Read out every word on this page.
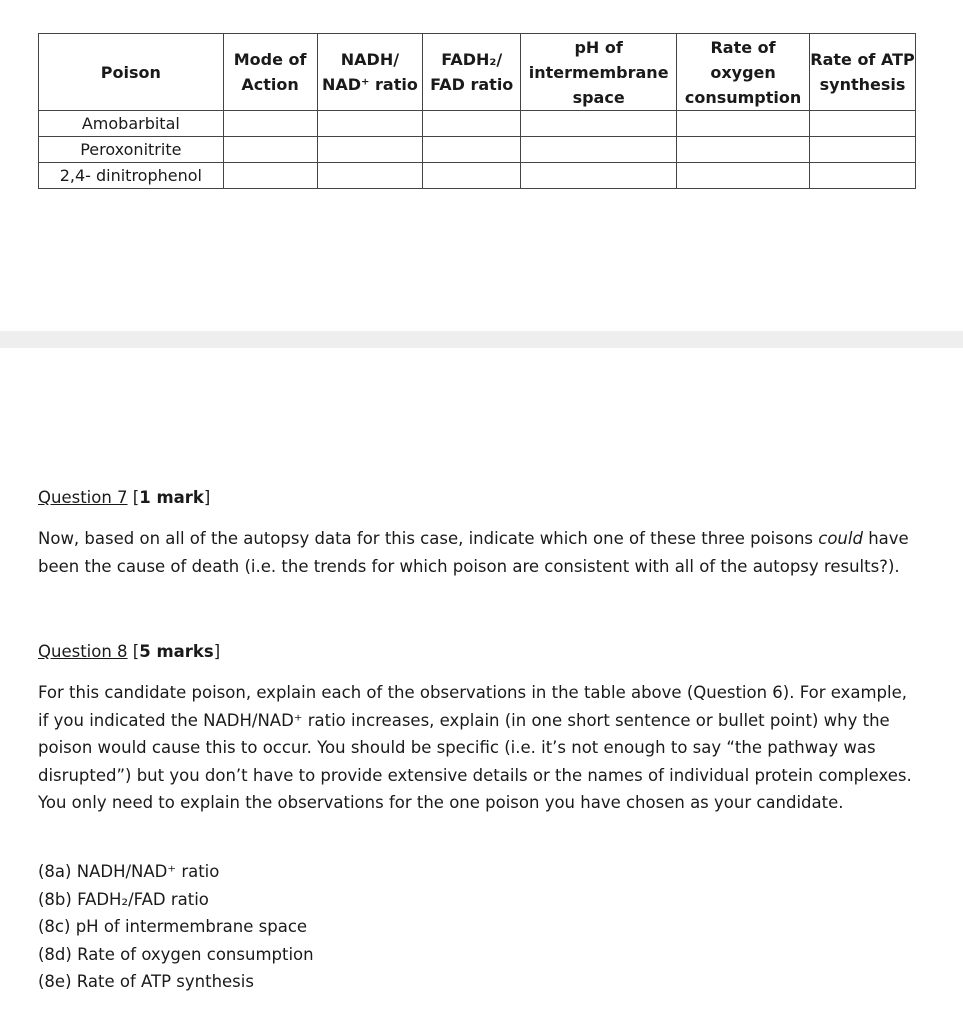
Poison	Mode of Action	NADH/ NAD⁺ ratio	FADH₂/ FAD ratio	pH of intermembrane space	Rate of oxygen consumption	Rate of ATP synthesis
Amobarbital						
Peroxonitrite						
2,4- dinitrophenol						
Question 7 [1 mark]
Now, based on all of the autopsy data for this case, indicate which one of these three poisons could have been the cause of death (i.e. the trends for which poison are consistent with all of the autopsy results?).
Question 8 [5 marks]
For this candidate poison, explain each of the observations in the table above (Question 6). For example, if you indicated the NADH/NAD⁺ ratio increases, explain (in one short sentence or bullet point) why the poison would cause this to occur. You should be specific (i.e. it’s not enough to say “the pathway was disrupted”) but you don’t have to provide extensive details or the names of individual protein complexes. You only need to explain the observations for the one poison you have chosen as your candidate.
(8a) NADH/NAD⁺ ratio
(8b) FADH₂/FAD ratio
(8c) pH of intermembrane space
(8d) Rate of oxygen consumption
(8e) Rate of ATP synthesis
